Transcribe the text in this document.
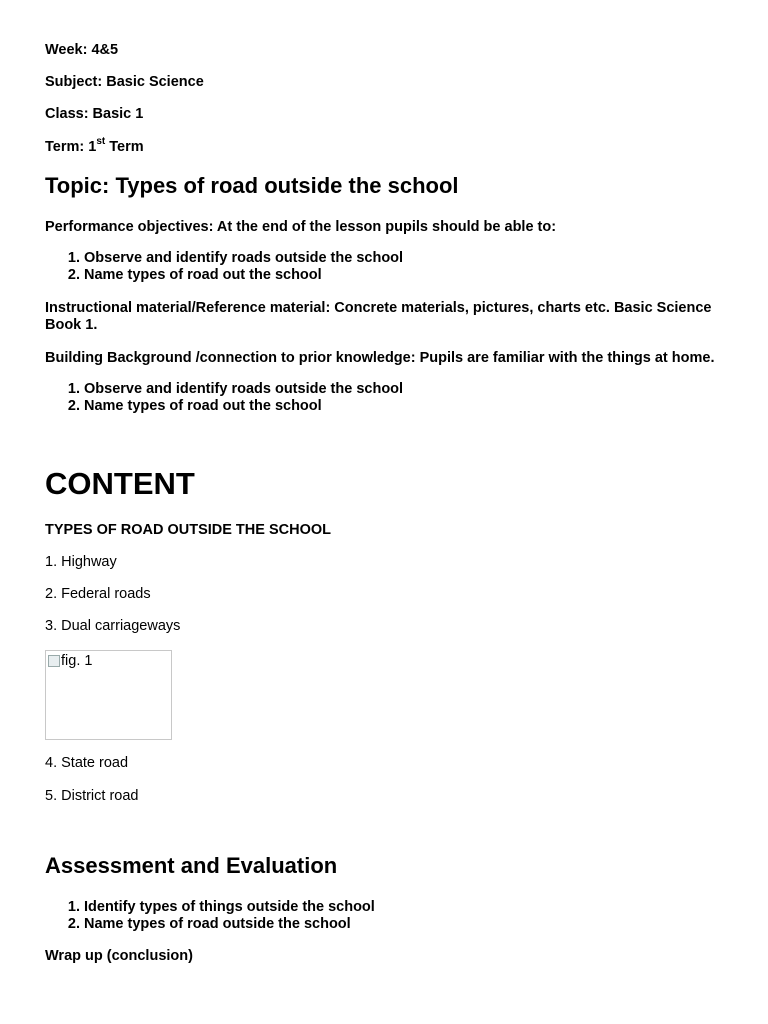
Week: 4&5
Subject: Basic Science
Class: Basic 1
Term: 1st Term
Topic: Types of road outside the school
Performance objectives: At the end of the lesson pupils should be able to:
1. Observe and identify roads outside the school
2. Name types of road out the school
Instructional material/Reference material: Concrete materials, pictures, charts etc. Basic Science Book 1.
Building Background /connection to prior knowledge: Pupils are familiar with the things at home.
1. Observe and identify roads outside the school
2. Name types of road out the school
CONTENT
TYPES OF ROAD OUTSIDE THE SCHOOL
1. Highway
2. Federal roads
3. Dual carriageways
fig. 1
4. State road
5. District road
Assessment and Evaluation
1. Identify types of things outside the school
2. Name types of road outside the school
Wrap up (conclusion)
